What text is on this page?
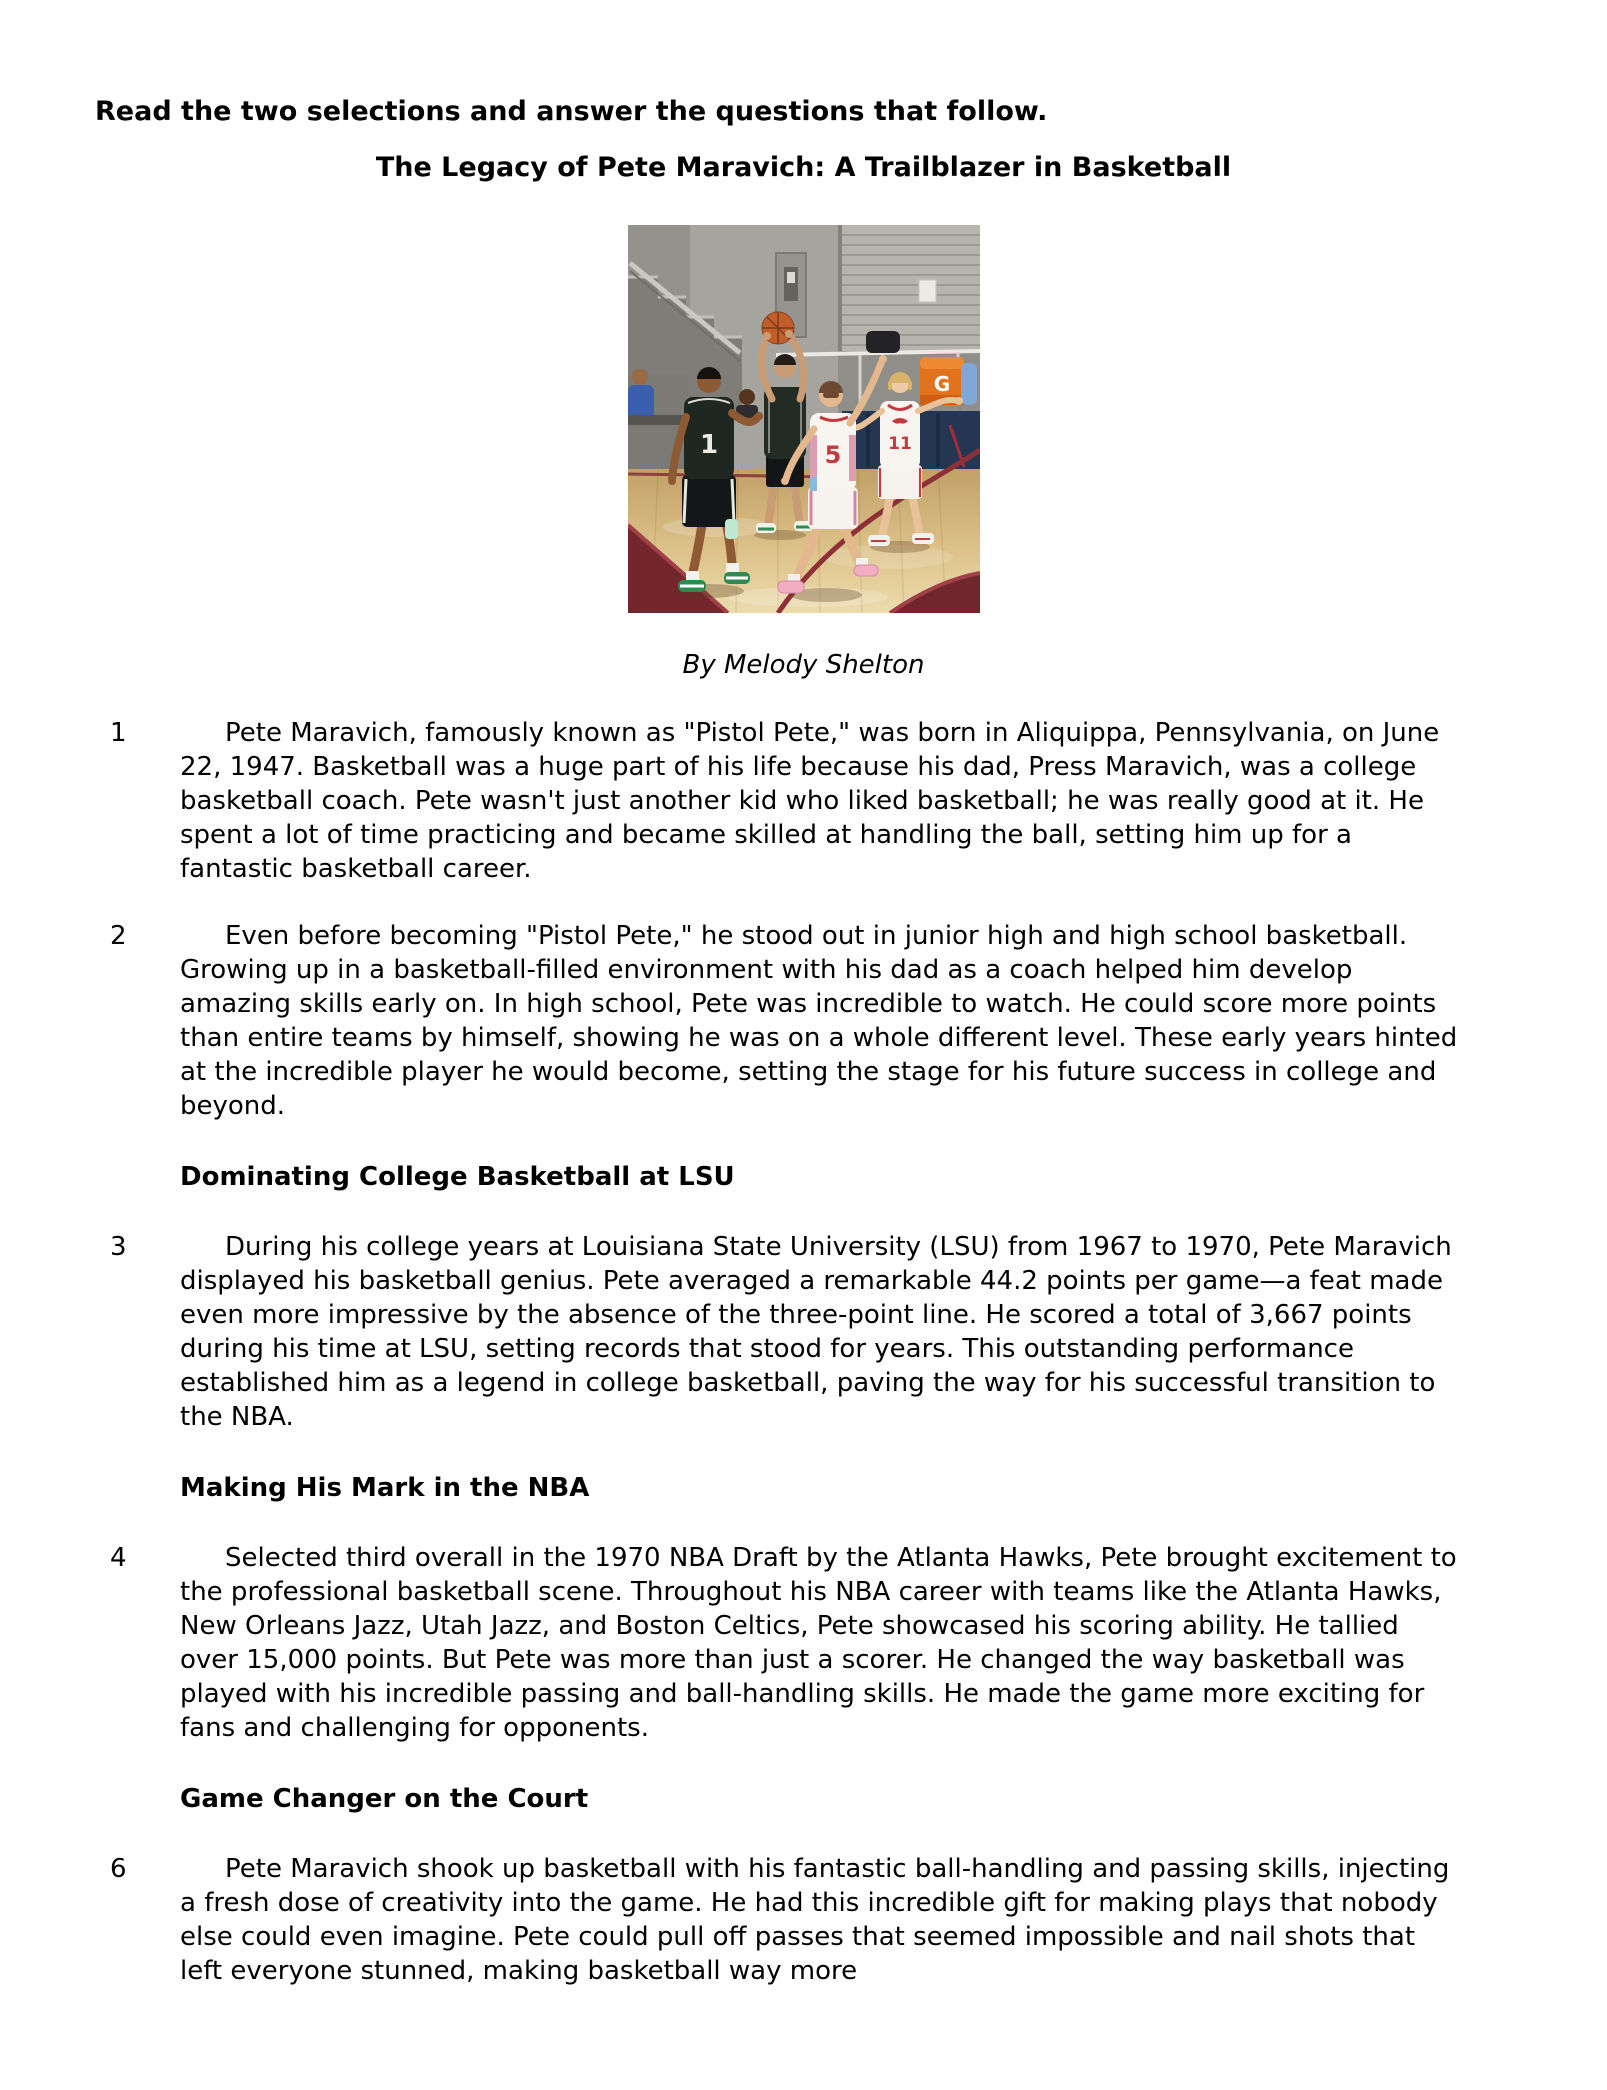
Read the two selections and answer the questions that follow.
The Legacy of Pete Maravich: A Trailblazer in Basketball
G
11
5
1
By Melody Shelton
1	Pete Maravich, famously known as "Pistol Pete," was born in Aliquippa, Pennsylvania, on June 22, 1947. Basketball was a huge part of his life because his dad, Press Maravich, was a college basketball coach. Pete wasn't just another kid who liked basketball; he was really good at it. He spent a lot of time practicing and became skilled at handling the ball, setting him up for a fantastic basketball career.

2	Even before becoming "Pistol Pete," he stood out in junior high and high school basketball. Growing up in a basketball-filled environment with his dad as a coach helped him develop amazing skills early on. In high school, Pete was incredible to watch. He could score more points than entire teams by himself, showing he was on a whole different level. These early years hinted at the incredible player he would become, setting the stage for his future success in college and beyond.

Dominating College Basketball at LSU
3	During his college years at Louisiana State University (LSU) from 1967 to 1970, Pete Maravich displayed his basketball genius. Pete averaged a remarkable 44.2 points per game—a feat made even more impressive by the absence of the three-point line. He scored a total of 3,667 points during his time at LSU, setting records that stood for years. This outstanding performance established him as a legend in college basketball, paving the way for his successful transition to the NBA.

Making His Mark in the NBA
4	Selected third overall in the 1970 NBA Draft by the Atlanta Hawks, Pete brought excitement to the professional basketball scene. Throughout his NBA career with teams like the Atlanta Hawks, New Orleans Jazz, Utah Jazz, and Boston Celtics, Pete showcased his scoring ability. He tallied over 15,000 points. But Pete was more than just a scorer. He changed the way basketball was played with his incredible passing and ball-handling skills. He made the game more exciting for fans and challenging for opponents.

Game Changer on the Court
6	Pete Maravich shook up basketball with his fantastic ball-handling and passing skills, injecting a fresh dose of creativity into the game. He had this incredible gift for making plays that nobody else could even imagine. Pete could pull off passes that seemed impossible and nail shots that left everyone stunned, making basketball way more
